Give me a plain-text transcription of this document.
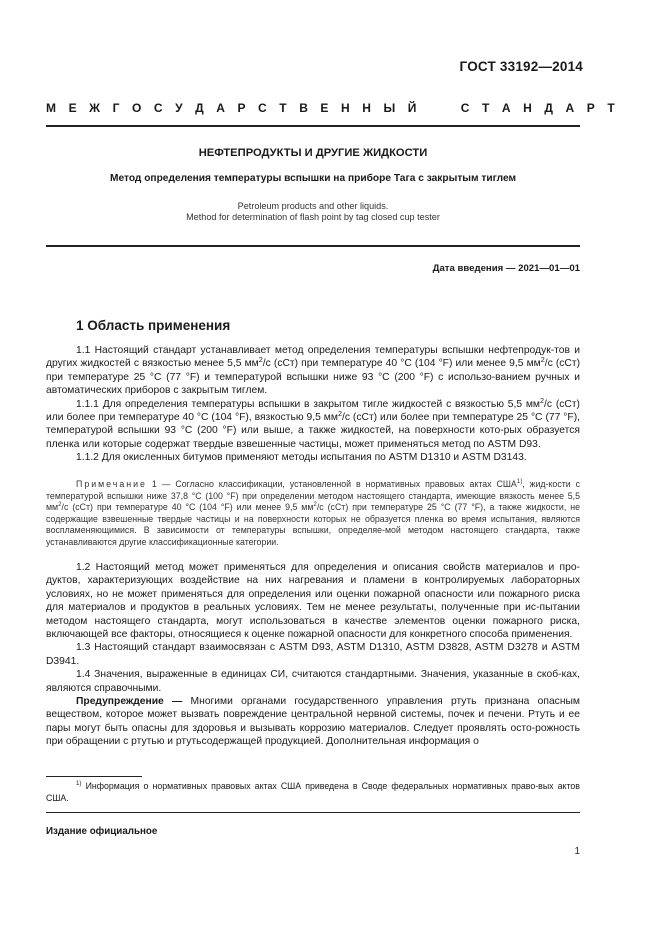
ГОСТ 33192—2014
М Е Ж Г О С У Д А Р С Т В Е Н Н Ы Й

	С Т А Н Д А Р Т
НЕФТЕПРОДУКТЫ И ДРУГИЕ ЖИДКОСТИ
Метод определения температуры вспышки на приборе Тага с закрытым тиглем
Petroleum products and other liquids.
Method for determination of flash point by tag closed cup tester
Дата введения — 2021—01—01
1 Область применения

1.1 Настоящий стандарт устанавливает метод определения температуры вспышки нефтепродук-тов и других жидкостей с вязкостью менее 5,5 $мм^2/с$ (сСт) при температуре 40 °С (104 °F) или менее 9,5 $мм^2/с$ (сСт) при температуре 25 °С (77 °F) и температурой вспышки ниже 93 °С (200 °F) с использо-ванием ручных и автоматических приборов с закрытым тиглем.

1.1.1 Для определения температуры вспышки в закрытом тигле жидкостей с вязкостью 5,5 $мм^2/с$ (сСт) или более при температуре 40 °С (104 °F), вязкостью 9,5 $мм^2/с$ (сСт) или более при температуре 25 °С (77 °F), температурой вспышки 93 °С (200 °F) или выше, а также жидкостей, на поверхности кото-рых образуется пленка или которые содержат твердые взвешенные частицы, может применяться метод по ASTM D93.

1.1.2 Для окисленных битумов применяют методы испытания по ASTM D1310 и ASTM D3143.

Примечание 1 — Согласно классификации, установленной в нормативных правовых актах США$^{1)}$, жид-кости с температурой вспышки ниже 37,8 °С (100 °F) при определении методом настоящего стандарта, имеющие вязкость менее 5,5 $мм^2/с$ (сСт) при температуре 40 °С (104 °F) или менее 9,5 $мм^2/с$ (сСт) при температуре 25 °С (77 °F), а также жидкости, не содержащие взвешенные твердые частицы и на поверхности которых не образуется пленка во время испытания, являются воспламеняющимися. В зависимости от температуры вспышки, определяе-мой методом настоящего стандарта, также устанавливаются другие классификационные категории.

1.2 Настоящий метод может применяться для определения и описания свойств материалов и про-дуктов, характеризующих воздействие на них нагревания и пламени в контролируемых лабораторных условиях, но не может применяться для определения или оценки пожарной опасности или пожарного риска для материалов и продуктов в реальных условиях. Тем не менее результаты, полученные при ис-пытании методом настоящего стандарта, могут использоваться в качестве элементов оценки пожарного риска, включающей все факторы, относящиеся к оценке пожарной опасности для конкретного способа применения.

1.3 Настоящий стандарт взаимосвязан с ASTM D93, ASTM D1310, ASTM D3828, ASTM D3278 и ASTM D3941.

1.4 Значения, выраженные в единицах СИ, считаются стандартными. Значения, указанные в скоб-ках, являются справочными.

Предупреждение — Многими органами государственного управления ртуть признана опасным веществом, которое может вызвать повреждение центральной нервной системы, почек и печени. Ртуть и ее пары могут быть опасны для здоровья и вызывать коррозию материалов. Следует проявлять осто-рожность при обращении с ртутью и ртутьсодержащей продукцией. Дополнительная информация о

$^{1)}$ Информация о нормативных правовых актах США приведена в Своде федеральных нормативных право-вых актов США.

Издание официальное
1
